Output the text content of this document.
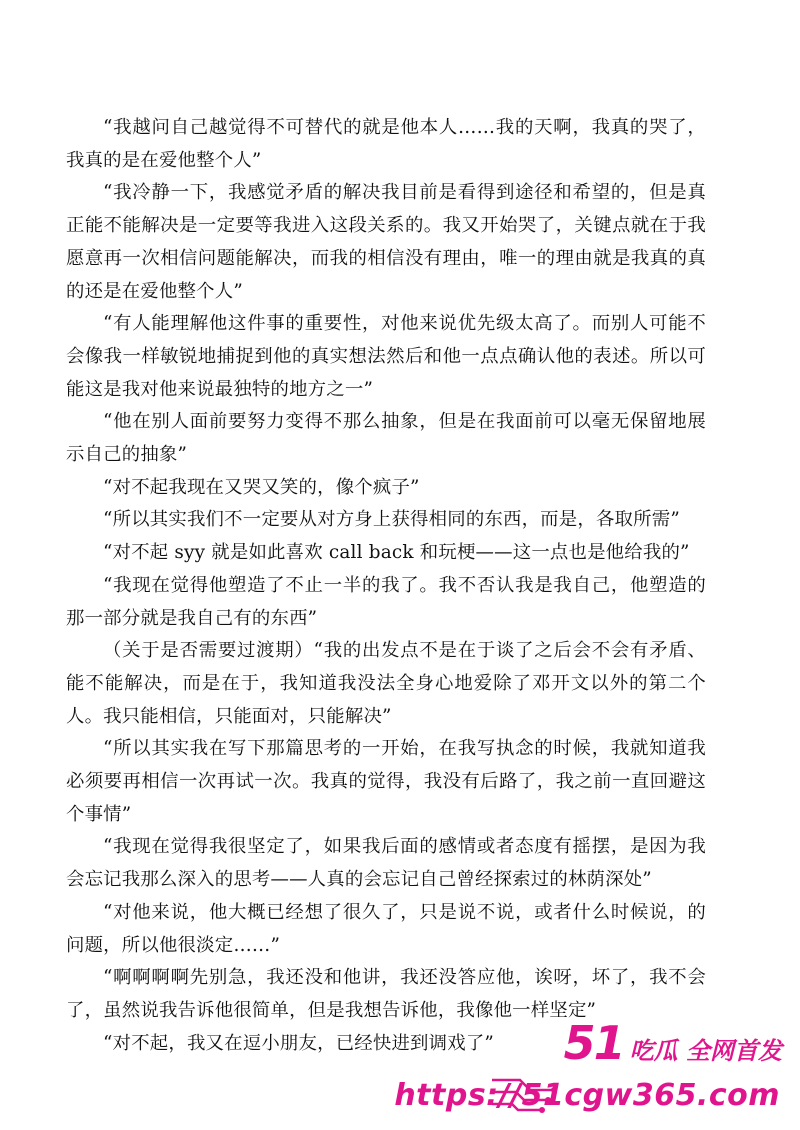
“我越问自己越觉得不可替代的就是他本人……我的天啊，我真的哭了，我真的是在爱他整个人”

“我冷静一下，我感觉矛盾的解决我目前是看得到途径和希望的，但是真正能不能解决是一定要等我进入这段关系的。我又开始哭了，关键点就在于我愿意再一次相信问题能解决，而我的相信没有理由，唯一的理由就是我真的真的还是在爱他整个人”

“有人能理解他这件事的重要性，对他来说优先级太高了。而别人可能不会像我一样敏锐地捕捉到他的真实想法然后和他一点点确认他的表述。所以可能这是我对他来说最独特的地方之一”

“他在别人面前要努力变得不那么抽象，但是在我面前可以毫无保留地展示自己的抽象”

“对不起我现在又哭又笑的，像个疯子”

“所以其实我们不一定要从对方身上获得相同的东西，而是，各取所需”

“对不起 syy 就是如此喜欢 call back 和玩梗——这一点也是他给我的”

“我现在觉得他塑造了不止一半的我了。我不否认我是我自己，他塑造的那一部分就是我自己有的东西”

（关于是否需要过渡期）“我的出发点不是在于谈了之后会不会有矛盾、能不能解决，而是在于，我知道我没法全身心地爱除了邓开文以外的第二个人。我只能相信，只能面对，只能解决”

“所以其实我在写下那篇思考的一开始，在我写执念的时候，我就知道我必须要再相信一次再试一次。我真的觉得，我没有后路了，我之前一直回避这个事情”

“我现在觉得我很坚定了，如果我后面的感情或者态度有摇摆，是因为我会忘记我那么深入的思考——人真的会忘记自己曾经探索过的林荫深处”

“对他来说，他大概已经想了很久了，只是说不说，或者什么时候说，的问题，所以他很淡定……”

“啊啊啊啊先别急，我还没和他讲，我还没答应他，诶呀，坏了，我不会了，虽然说我告诉他很简单，但是我想告诉他，我像他一样坚定”

“对不起，我又在逗小朋友，已经快进到调戏了”	51 吃瓜 全网首发
https://51cgw365.com
